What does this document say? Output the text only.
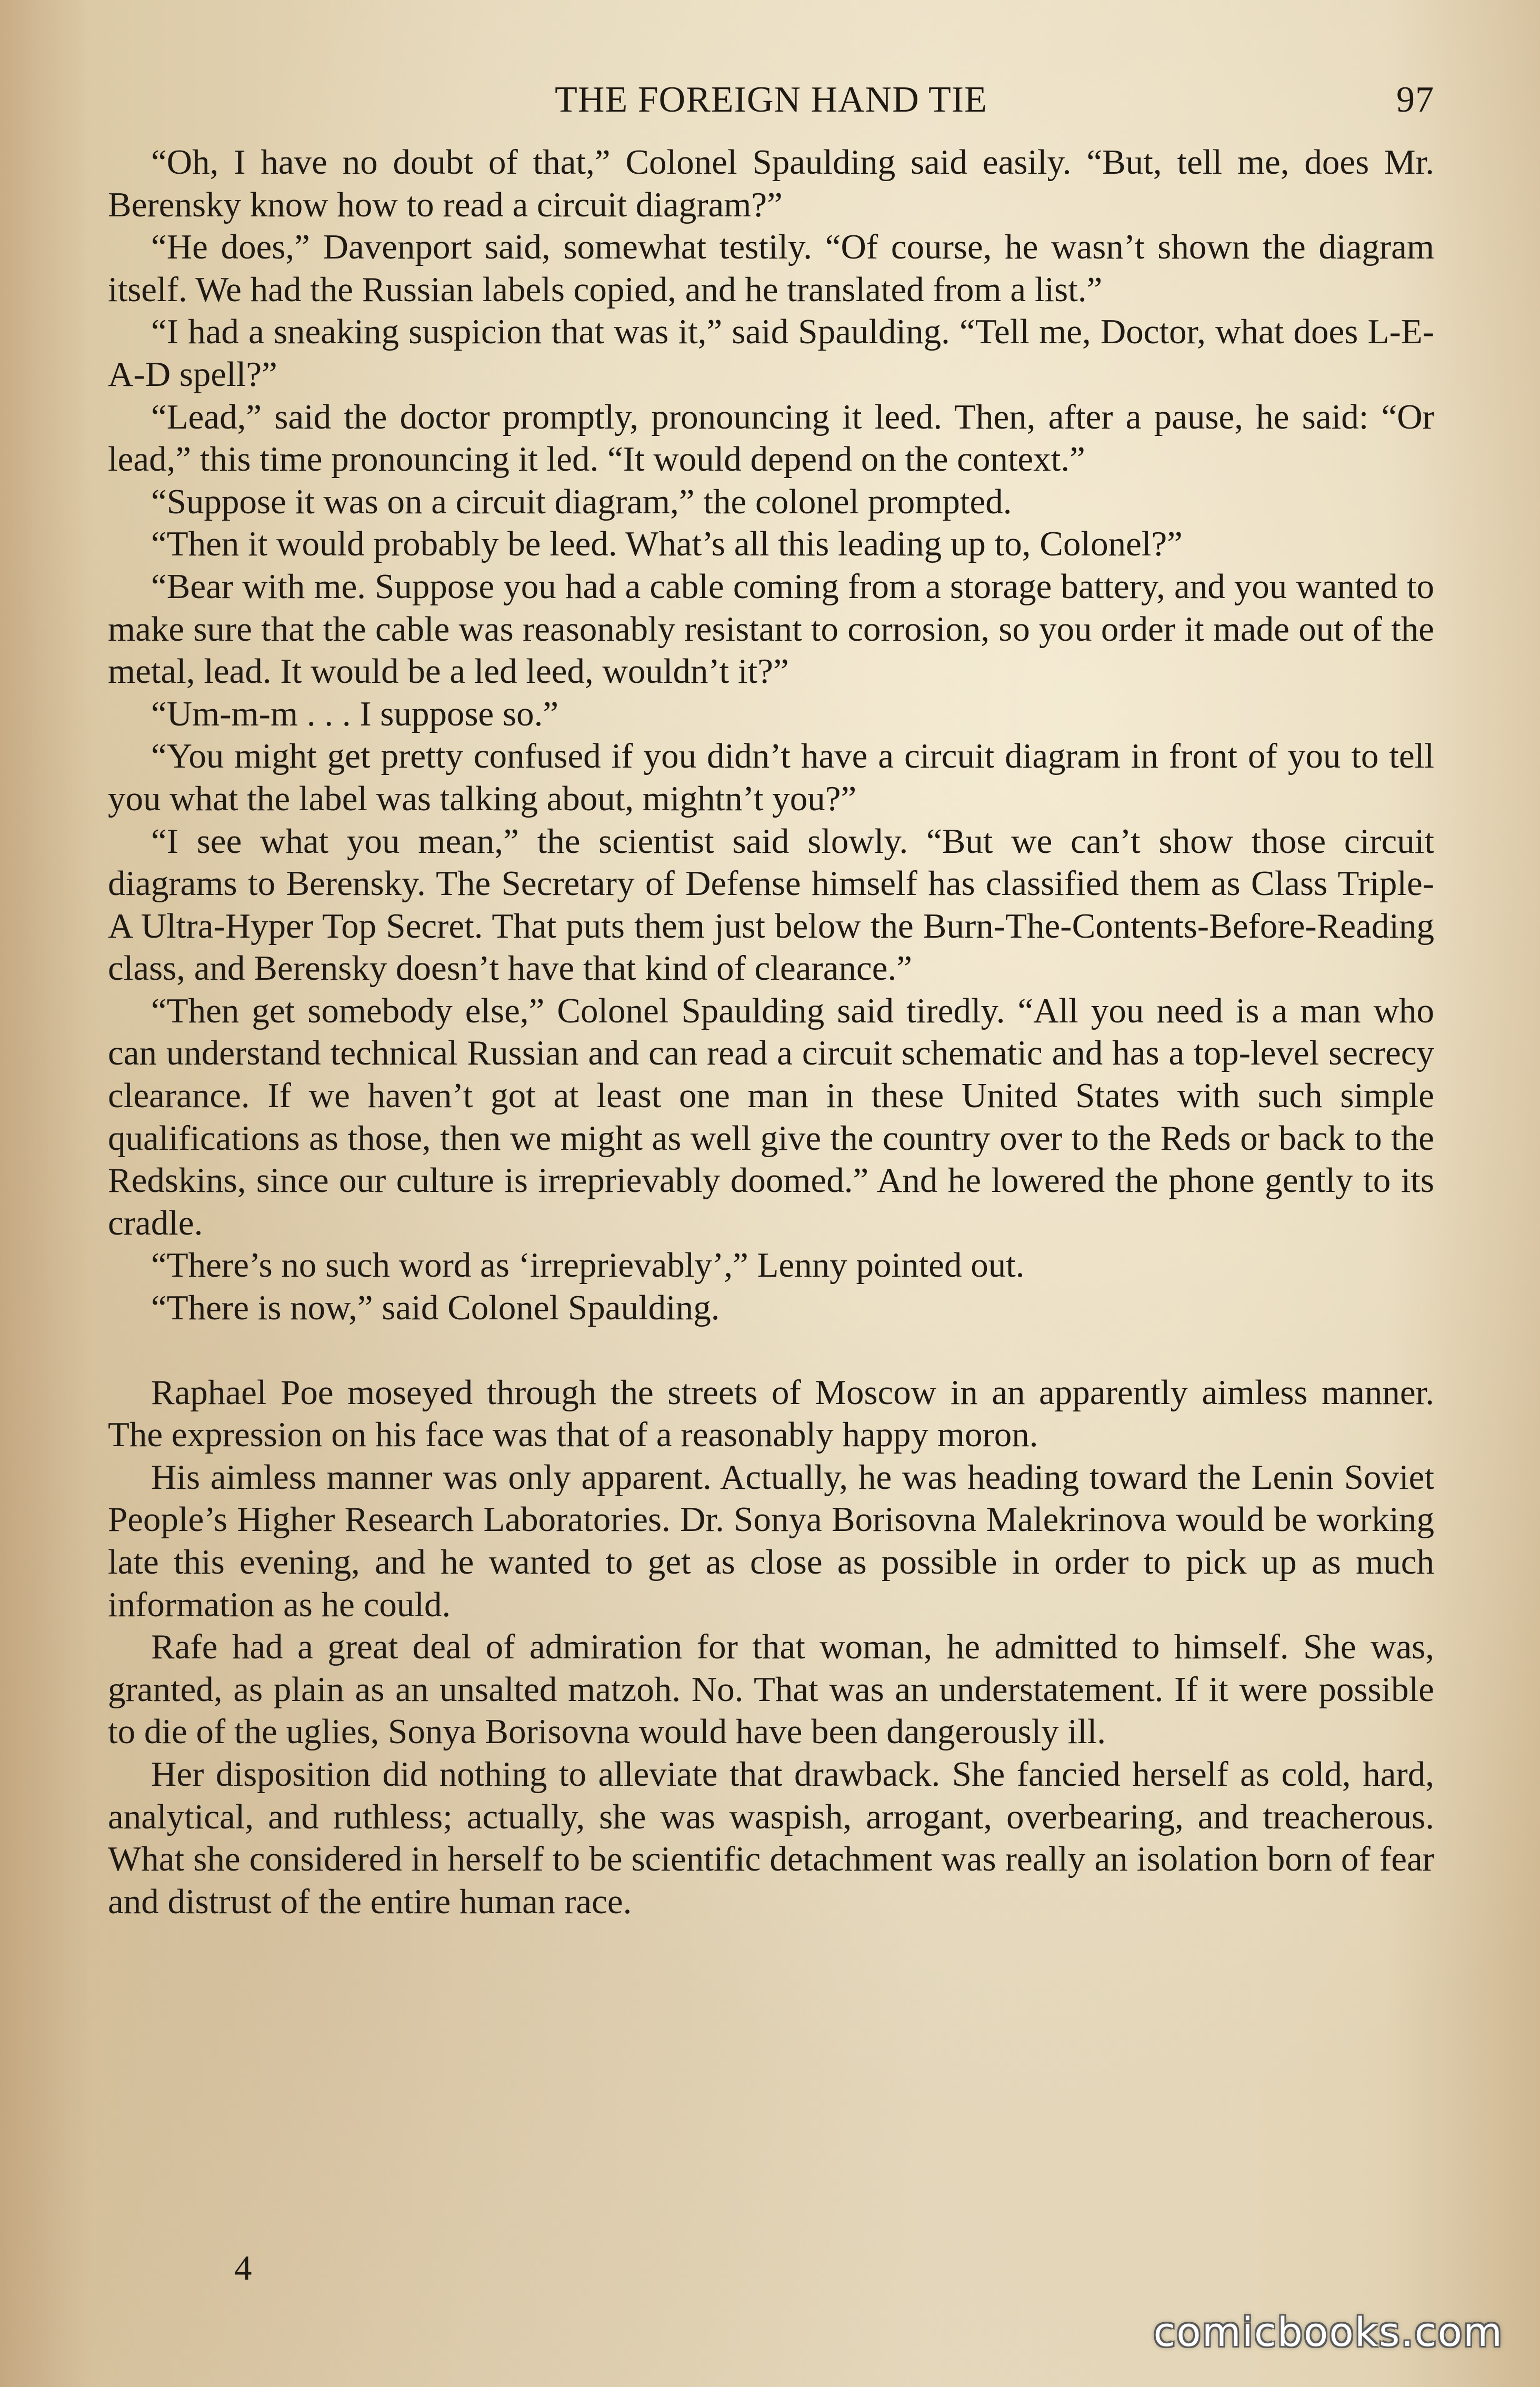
THE FOREIGN HAND TIE	97

“Oh, I have no doubt of that,” Colonel Spaulding said easily. “But, tell me, does Mr. Berensky know how to read a circuit diagram?”

“He does,” Davenport said, somewhat testily. “Of course, he wasn’t shown the diagram itself. We had the Russian labels copied, and he translated from a list.”

“I had a sneaking suspicion that was it,” said Spaulding. “Tell me, Doctor, what does L-E-A-D spell?”

“Lead,” said the doctor promptly, pronouncing it leed. Then, after a pause, he said: “Or lead,” this time pronouncing it led. “It would depend on the context.”

“Suppose it was on a circuit diagram,” the colonel prompted.

“Then it would probably be leed. What’s all this leading up to, Colonel?”

“Bear with me. Suppose you had a cable coming from a storage battery, and you wanted to make sure that the cable was reasonably resistant to corrosion, so you order it made out of the metal, lead. It would be a led leed, wouldn’t it?”

“Um-m-m . . . I suppose so.”

“You might get pretty confused if you didn’t have a circuit diagram in front of you to tell you what the label was talking about, mightn’t you?”

“I see what you mean,” the scientist said slowly. “But we can’t show those circuit diagrams to Berensky. The Secretary of Defense himself has classified them as Class Triple-A Ultra-Hyper Top Secret. That puts them just below the Burn-The-Contents-Before-Reading class, and Berensky doesn’t have that kind of clearance.”

“Then get somebody else,” Colonel Spaulding said tiredly. “All you need is a man who can understand technical Russian and can read a circuit schematic and has a top-level secrecy clearance. If we haven’t got at least one man in these United States with such simple qualifications as those, then we might as well give the country over to the Reds or back to the Redskins, since our culture is irreprievably doomed.” And he lowered the phone gently to its cradle.

“There’s no such word as ‘irreprievably’,” Lenny pointed out.

“There is now,” said Colonel Spaulding.

Raphael Poe moseyed through the streets of Moscow in an apparently aimless manner. The expression on his face was that of a reasonably happy moron.

His aimless manner was only apparent. Actually, he was heading toward the Lenin Soviet People’s Higher Research Laboratories. Dr. Sonya Borisovna Malekrinova would be working late this evening, and he wanted to get as close as possible in order to pick up as much information as he could.

Rafe had a great deal of admiration for that woman, he admitted to himself. She was, granted, as plain as an unsalted matzoh. No. That was an understatement. If it were possible to die of the uglies, Sonya Borisovna would have been dangerously ill.

Her disposition did nothing to alleviate that drawback. She fancied herself as cold, hard, analytical, and ruthless; actually, she was waspish, arrogant, overbearing, and treacherous. What she considered in herself to be scientific detachment was really an isolation born of fear and distrust of the entire human race.

4
comicbooks.com
